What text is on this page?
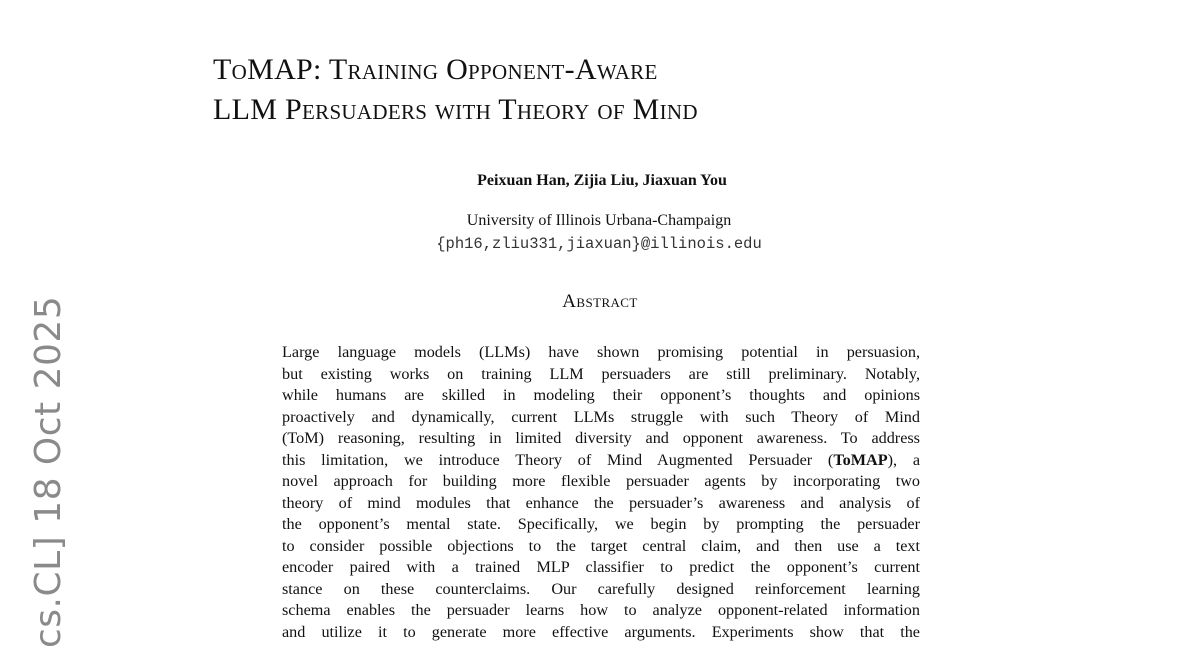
ToMAP: Training Opponent-Aware
LLM Persuaders with Theory of Mind
Peixuan Han, Zijia Liu, Jiaxuan You
University of Illinois Urbana-Champaign
{ph16,zliu331,jiaxuan}@illinois.edu
Abstract
Large language models (LLMs) have shown promising potential in persuasion,
but existing works on training LLM persuaders are still preliminary. Notably,
while humans are skilled in modeling their opponent’s thoughts and opinions
proactively and dynamically, current LLMs struggle with such Theory of Mind
(ToM) reasoning, resulting in limited diversity and opponent awareness. To address
this limitation, we introduce Theory of Mind Augmented Persuader (ToMAP), a
novel approach for building more flexible persuader agents by incorporating two
theory of mind modules that enhance the persuader’s awareness and analysis of
the opponent’s mental state. Specifically, we begin by prompting the persuader
to consider possible objections to the target central claim, and then use a text
encoder paired with a trained MLP classifier to predict the opponent’s current
stance on these counterclaims. Our carefully designed reinforcement learning
schema enables the persuader learns how to analyze opponent-related information
and utilize it to generate more effective arguments. Experiments show that the
cs.CL] 18 Oct 2025
